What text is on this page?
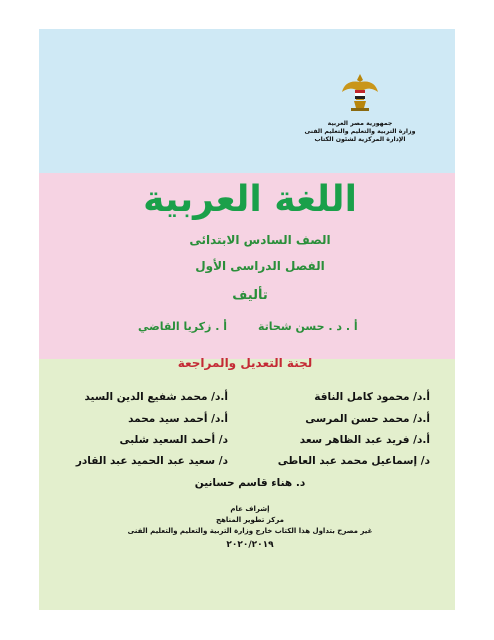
جمهورية مصر العربية
وزارة التربية والتعليم والتعليم الفنى
الإدارة المركزية لشئون الكتاب
اللغة العربية
الصف السادس الابتدائى
الفصل الدراسى الأول
تأليف
أ . د . حسن شحاتة
أ . زكريا القاضي
لجنة التعديل والمراجعة
أ.د/ محمود كامل الناقة
أ.د/ محمد شفيع الدين السيد
أ.د/ محمد حسن المرسى
أ.د/ أحمد سيد محمد
أ.د/ فريد عبد الظاهر سعد
د/ أحمد السعيد شلبى
د/ إسماعيل محمد عبد العاطى
د/ سعيد عبد الحميد عبد القادر
د. هناء قاسم حسانين
إشراف عام
مركز تطوير المناهج
غير مصرح بتداول هذا الكتاب خارج وزارة التربية والتعليم والتعليم الفنى
٢٠٢٠/٢٠١٩
